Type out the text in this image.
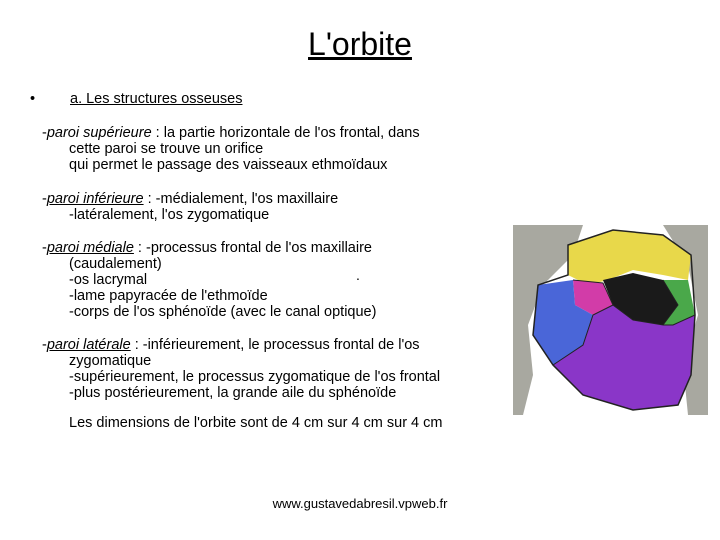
L'orbite
• a. Les structures osseuses
-paroi supérieure : la partie horizontale de l'os frontal, dans
cette paroi se trouve un orifice
qui permet le passage des vaisseaux ethmoïdaux
-paroi inférieure : -médialement, l'os maxillaire
-latéralement, l'os zygomatique
-paroi médiale : -processus frontal de l'os maxillaire
(caudalement)
-os lacrymal
-lame papyracée de l'ethmoïde
-corps de l'os sphénoïde (avec le canal optique)
.
-paroi latérale : -inférieurement, le processus frontal de l'os
zygomatique
-supérieurement, le processus zygomatique de l'os frontal
-plus postérieurement, la grande aile du sphénoïde
Les dimensions de l'orbite sont de 4 cm sur 4 cm sur 4 cm
www.gustavedabresil.vpweb.fr
